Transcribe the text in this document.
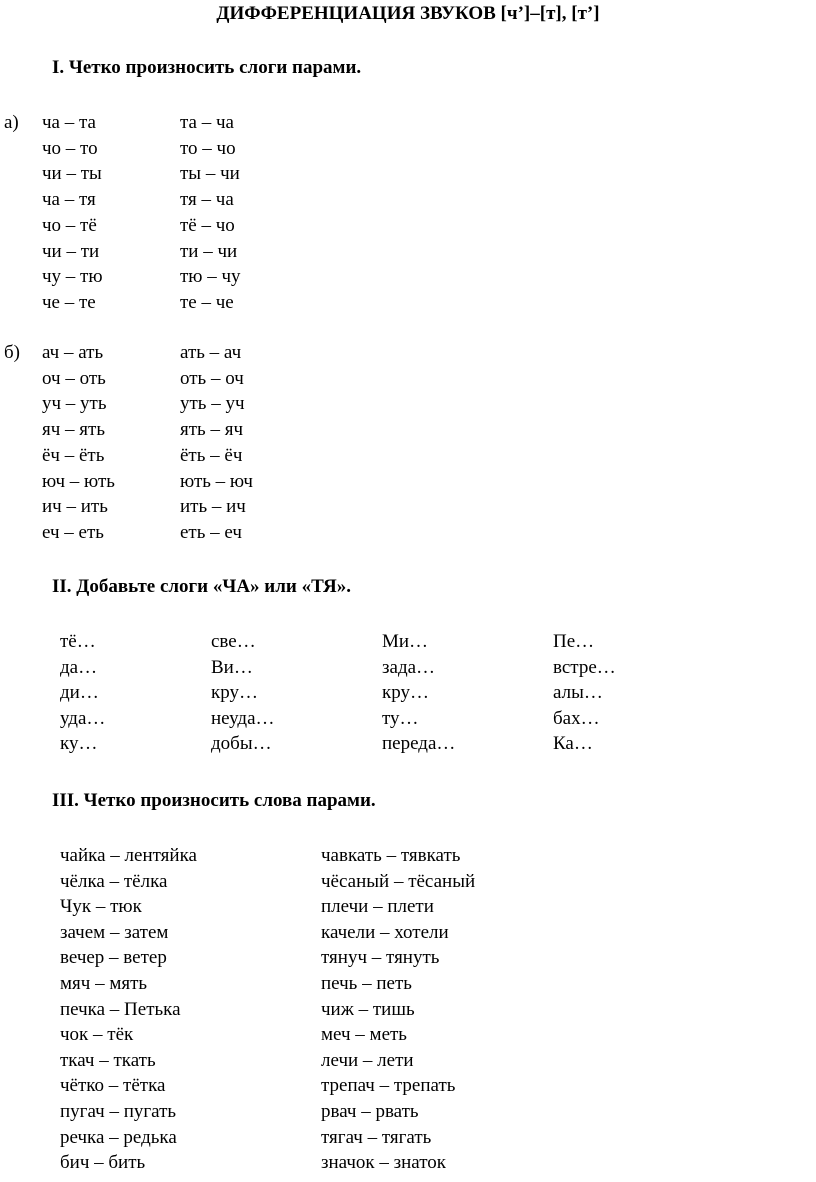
ДИФФЕРЕНЦИАЦИЯ ЗВУКОВ [ч’]–[т], [т’]
I. Четко произносить слоги парами.
а) ча – та
чо – то
чи – ты
ча – тя
чо – тё
чи – ти
чу – тю
че – те
та – ча
то – чо
ты – чи
тя – ча
тё – чо
ти – чи
тю – чу
те – че
б) ач – ать
оч – оть
уч – уть
яч – ять
ёч – ёть
юч – ють
ич – ить
еч – еть
ать – ач
оть – оч
уть – уч
ять – яч
ёть – ёч
ють – юч
ить – ич
еть – еч
II. Добавьте слоги «ЧА» или «ТЯ».
тё…
да…
ди…
уда…
ку…
све…
Ви…
кру…
неуда…
добы…
Ми…
зада…
кру…
ту…
переда…
Пе…
встре…
алы…
бах…
Ка…
III. Четко произносить слова парами.
чайка – лентяйка
чёлка – тёлка
Чук – тюк
зачем – затем
вечер – ветер
мяч – мять
печка – Петька
чок – тёк
ткач – ткать
чётко – тётка
пугач – пугать
речка – редька
бич – бить
чавкать – тявкать
чёсаный – тёсаный
плечи – плети
качели – хотели
тянуч – тянуть
печь – петь
чиж – тишь
меч – меть
лечи – лети
трепач – трепать
рвач – рвать
тягач – тягать
значок – знаток
